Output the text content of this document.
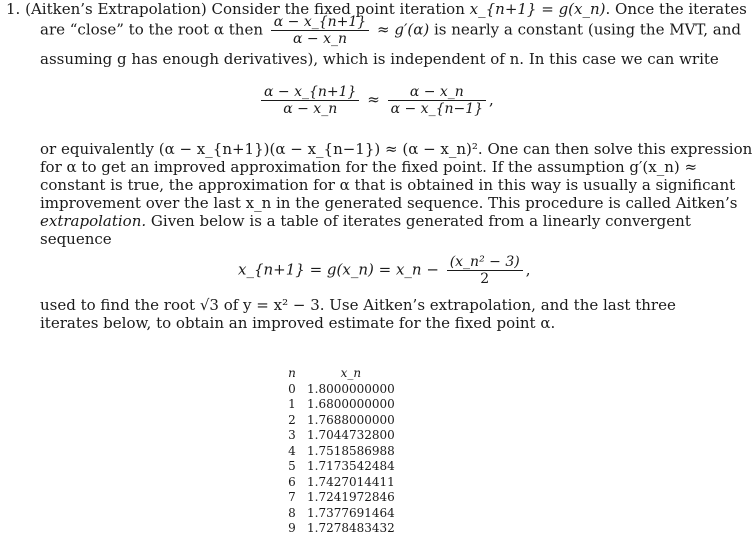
1. (Aitken’s Extrapolation) Consider the fixed point iteration x_{n+1} = g(x_n). Once the iterates
are “close” to the root α then $\frac{\alpha - x\_\{n+1\}}{\alpha - x\_n} \approx g'(\alpha)$ is nearly a constant (using the MVT, and
assuming g has enough derivatives), which is independent of n. In this case we can write
$\frac{\alpha - x\_\{n+1\}}{\alpha - x\_n} \approx \frac{\alpha - x\_n}{\alpha - x\_\{n-1\}}$ ,
or equivalently (α − x_{n+1})(α − x_{n−1}) ≈ (α − x_n)². One can then solve this expression
for α to get an improved approximation for the fixed point. If the assumption g′(x_n) ≈
constant is true, the approximation for α that is obtained in this way is usually a significant
improvement over the last x_n in the generated sequence. This procedure is called Aitken’s
extrapolation. Given below is a table of iterates generated from a linearly convergent
sequence
x_{n+1} = g(x_n) = x_n − $\frac{\text{(x\_n² − 3)}}{2}$ ,
used to find the root √3 of y = x² − 3. Use Aitken’s extrapolation, and the last three
iterates below, to obtain an improved estimate for the fixed point α.
n	x_n
0	1.8000000000
1	1.6800000000
2	1.7688000000
3	1.7044732800
4	1.7518586988
5	1.7173542484
6	1.7427014411
7	1.7241972846
8	1.7377691464
9	1.7278483432
